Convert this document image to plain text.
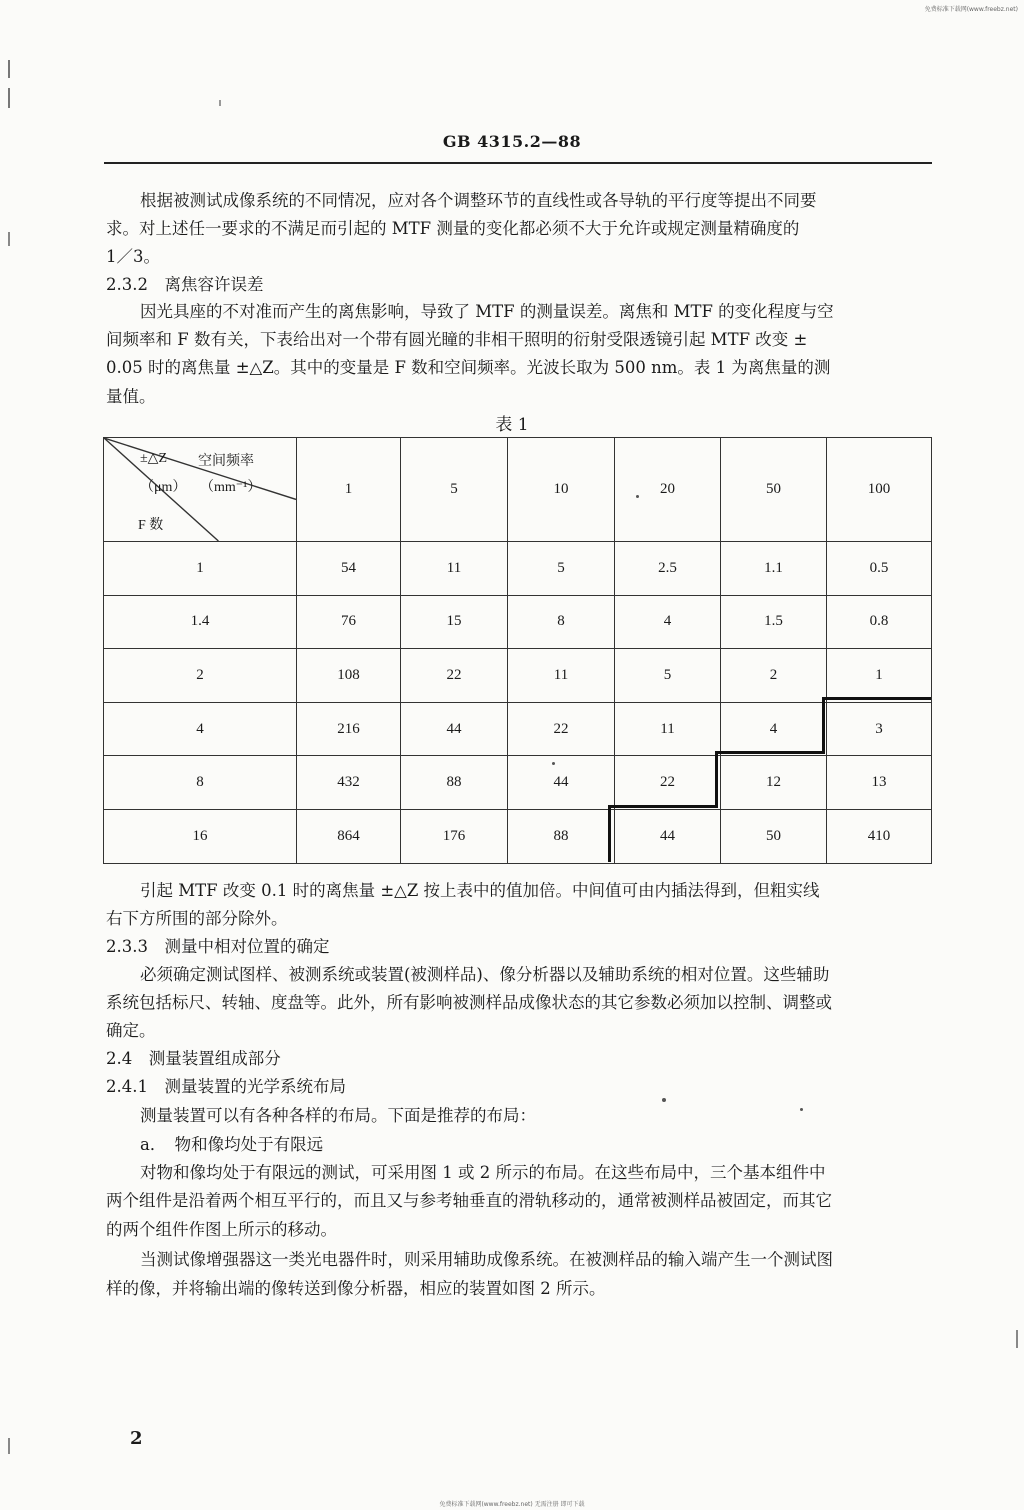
免费标准下载网(www.freebz.net)
GB 4315.2—88
根据被测试成像系统的不同情况，应对各个调整环节的直线性或各导轨的平行度等提出不同要
求。对上述任一要求的不满足而引起的 MTF 测量的变化都必须不大于允许或规定测量精确度的
1／3。
2.3.2　离焦容许误差
因光具座的不对准而产生的离焦影响，导致了 MTF 的测量误差。离焦和 MTF 的变化程度与空
间频率和 F 数有关，下表给出对一个带有圆光瞳的非相干照明的衍射受限透镜引起 MTF 改变 ±
0.05 时的离焦量 ±△Z。其中的变量是 F 数和空间频率。光波长取为 500 nm。表 1 为离焦量的测
量值。
表 1
±△Z 空间频率
（μm） （mm⁻¹）
F 数	1	5	10	20	50	100
1	54	11	5	2.5	1.1	0.5
1.4	76	15	8	4	1.5	0.8
2	108	22	11	5	2	1
4	216	44	22	11	4	3
8	432	88	44	22	12	13
16	864	176	88	44	50	410
引起 MTF 改变 0.1 时的离焦量 ±△Z 按上表中的值加倍。中间值可由内插法得到，但粗实线
右下方所围的部分除外。
2.3.3　测量中相对位置的确定
必须确定测试图样、被测系统或装置(被测样品)、像分析器以及辅助系统的相对位置。这些辅助
系统包括标尺、转轴、度盘等。此外，所有影响被测样品成像状态的其它参数必须加以控制、调整或
确定。
2.4　测量装置组成部分
2.4.1　测量装置的光学系统布局
测量装置可以有各种各样的布局。下面是推荐的布局：
a．　物和像均处于有限远
对物和像均处于有限远的测试，可采用图 1 或 2 所示的布局。在这些布局中，三个基本组件中
两个组件是沿着两个相互平行的，而且又与参考轴垂直的滑轨移动的，通常被测样品被固定，而其它
的两个组件作图上所示的移动。
当测试像增强器这一类光电器件时，则采用辅助成像系统。在被测样品的输入端产生一个测试图
样的像，并将输出端的像转送到像分析器，相应的装置如图 2 所示。
2
免费标准下载网(www.freebz.net) 无需注册 即可下载
